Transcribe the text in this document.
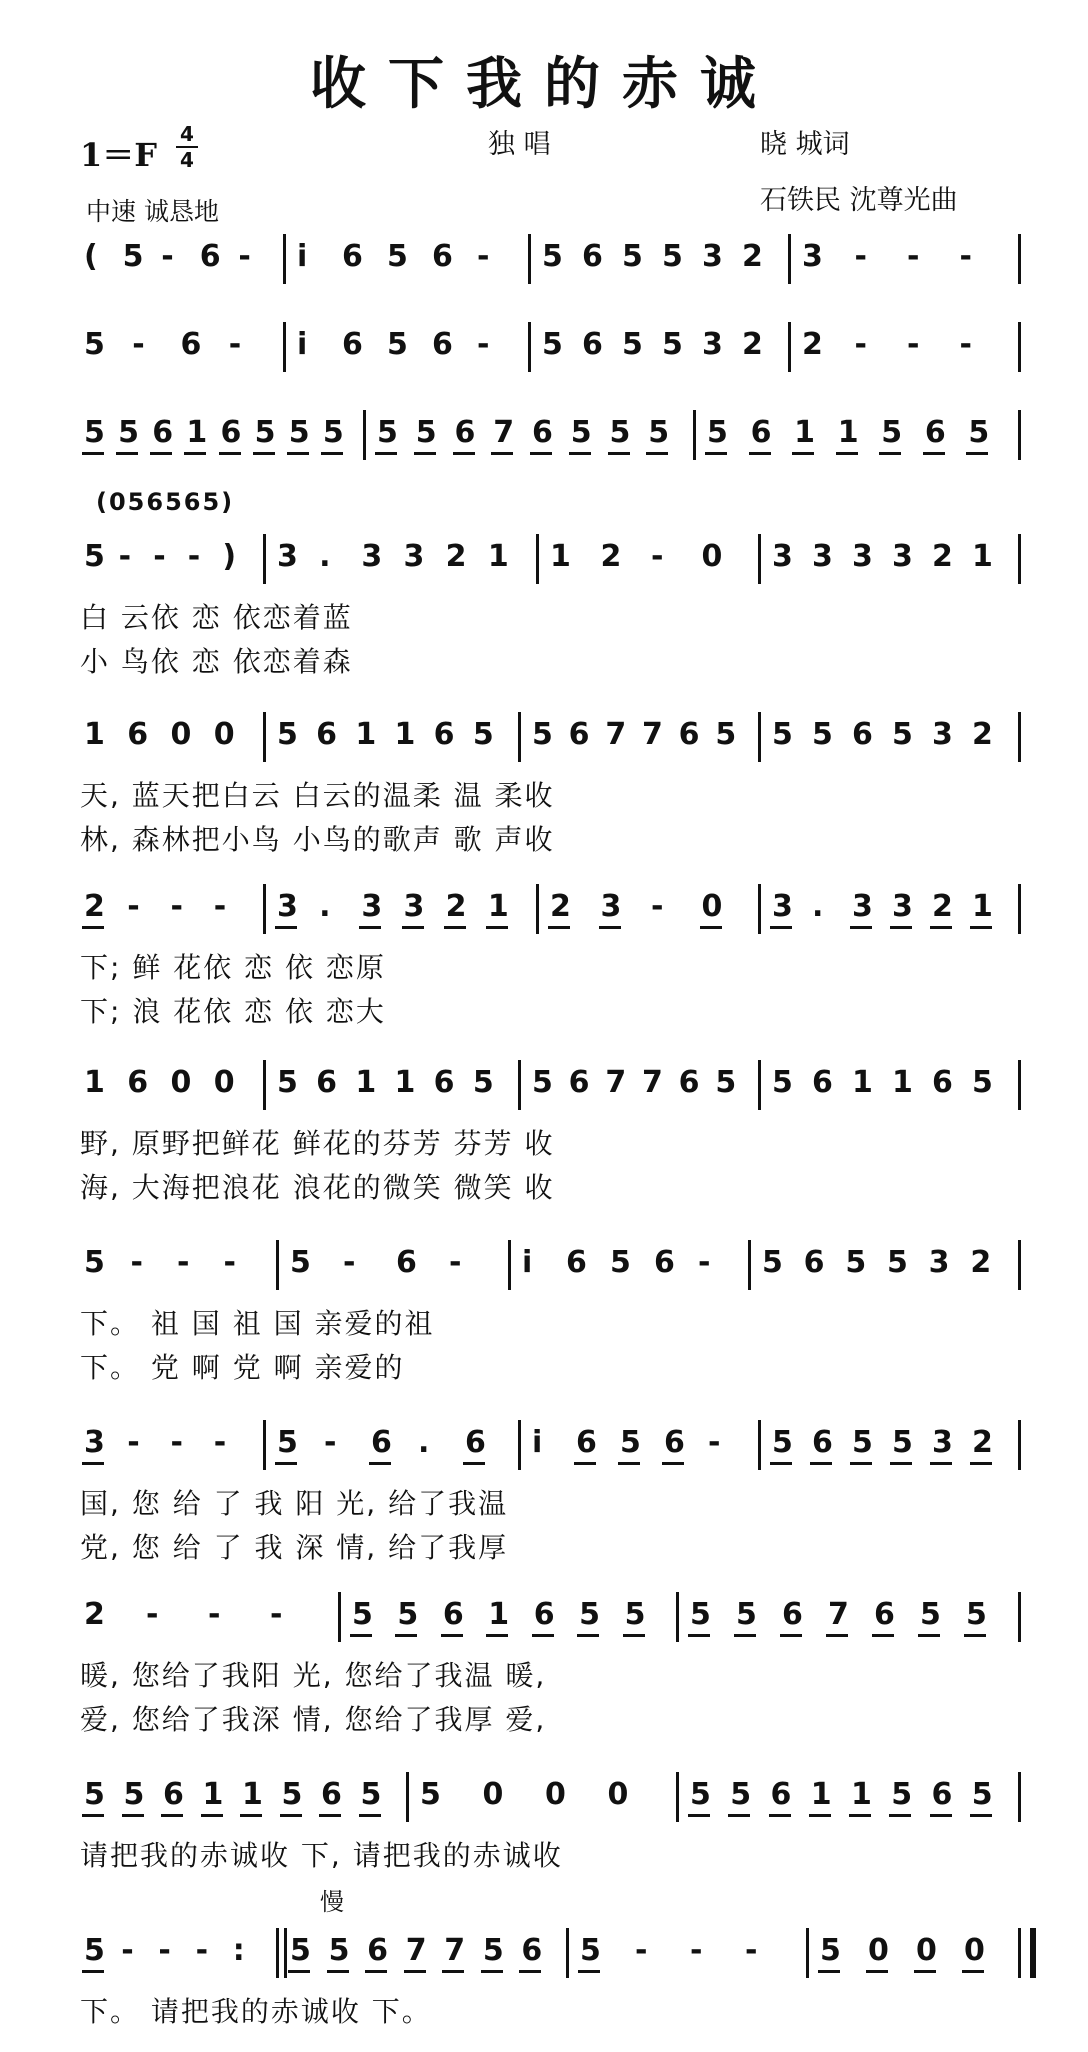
收下我的赤诚
1＝F
4
4
中速 诚恳地
独 唱	晓 城词
石铁民 沈尊光曲
( 5 - 6 - i 6 5 6 - 5 6 5 5 3 2 3 - - -
5 - 6 - i 6 5 6 - 5 6 5 5 3 2 2 - - -
5 5 6 1 6 5 5 5 5 5 6 7 6 5 5 5 5 6 1 1 5 6 5
5 - - - ) 3 . 3 3 2 1 1 2 - 0 3 3 3 3 2 1
(056565)
白 云依 恋 依恋着蓝
小 鸟依 恋 依恋着森
1 6 0 0 5 6 1 1 6 5 5 6 7 7 6 5 5 5 6 5 3 2
天, 蓝天把白云 白云的温柔 温 柔收
林, 森林把小鸟 小鸟的歌声 歌 声收
2 - - - 3 . 3 3 2 1 2 3 - 0 3 . 3 3 2 1
下; 鲜 花依 恋 依 恋原
下; 浪 花依 恋 依 恋大
1 6 0 0 5 6 1 1 6 5 5 6 7 7 6 5 5 6 1 1 6 5
野, 原野把鲜花 鲜花的芬芳 芬芳 收
海, 大海把浪花 浪花的微笑 微笑 收
5 - - - 5 - 6 - i 6 5 6 - 5 6 5 5 3 2
下。 祖 国 祖 国 亲爱的祖
下。 党 啊 党 啊 亲爱的
3 - - - 5 - 6 . 6 i 6 5 6 - 5 6 5 5 3 2
国, 您 给 了 我 阳 光, 给了我温
党, 您 给 了 我 深 情, 给了我厚
2 - - - 5 5 6 1 6 5 5 5 5 6 7 6 5 5
暖, 您给了我阳 光, 您给了我温 暖,
爱, 您给了我深 情, 您给了我厚 爱,
5 5 6 1 1 5 6 5 5 0 0 0 5 5 6 1 1 5 6 5
请把我的赤诚收 下, 请把我的赤诚收
5 - - - : 5 5 6 7 7 5 6 5 - - - 5 0 0 0
慢
下。 请把我的赤诚收 下。
